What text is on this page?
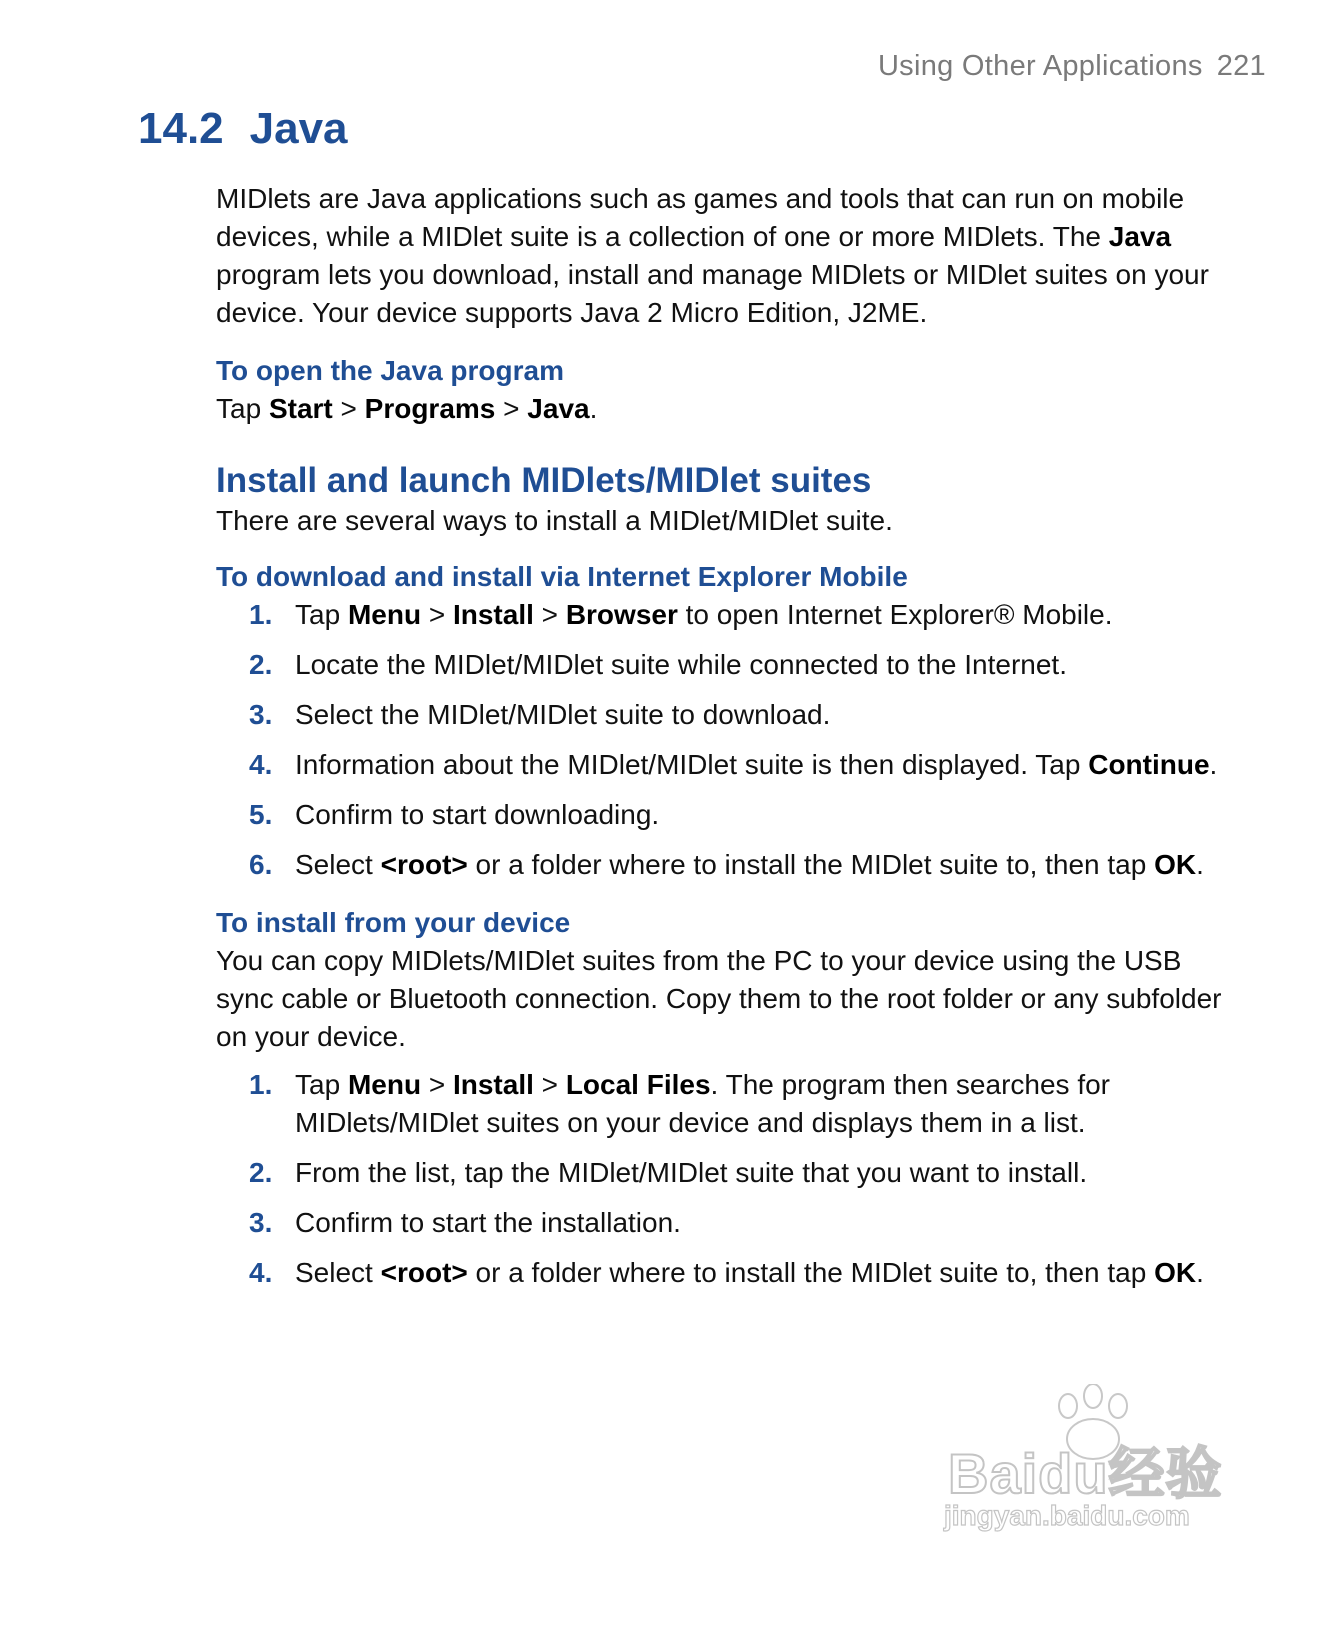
Using Other Applications 221
14.2 Java

MIDlets are Java applications such as games and tools that can run on mobile devices, while a MIDlet suite is a collection of one or more MIDlets. The Java program lets you download, install and manage MIDlets or MIDlet suites on your device. Your device supports Java 2 Micro Edition, J2ME.

To open the Java program

Tap Start > Programs > Java.

Install and launch MIDlets/MIDlet suites

There are several ways to install a MIDlet/MIDlet suite.

To download and install via Internet Explorer Mobile
1. Tap Menu > Install > Browser to open Internet Explorer® Mobile.
2. Locate the MIDlet/MIDlet suite while connected to the Internet.
3. Select the MIDlet/MIDlet suite to download.
4. Information about the MIDlet/MIDlet suite is then displayed. Tap Continue.
5. Confirm to start downloading.
6. Select <root> or a folder where to install the MIDlet suite to, then tap OK.
To install from your device

You can copy MIDlets/MIDlet suites from the PC to your device using the USB sync cable or Bluetooth connection. Copy them to the root folder or any subfolder on your device.

1. Tap Menu > Install > Local Files. The program then searches for MIDlets/MIDlet suites on your device and displays them in a list.
2. From the list, tap the MIDlet/MIDlet suite that you want to install.
3. Confirm to start the installation.
4. Select <root> or a folder where to install the MIDlet suite to, then tap OK.
Baidu经验
jingyan.baidu.com
